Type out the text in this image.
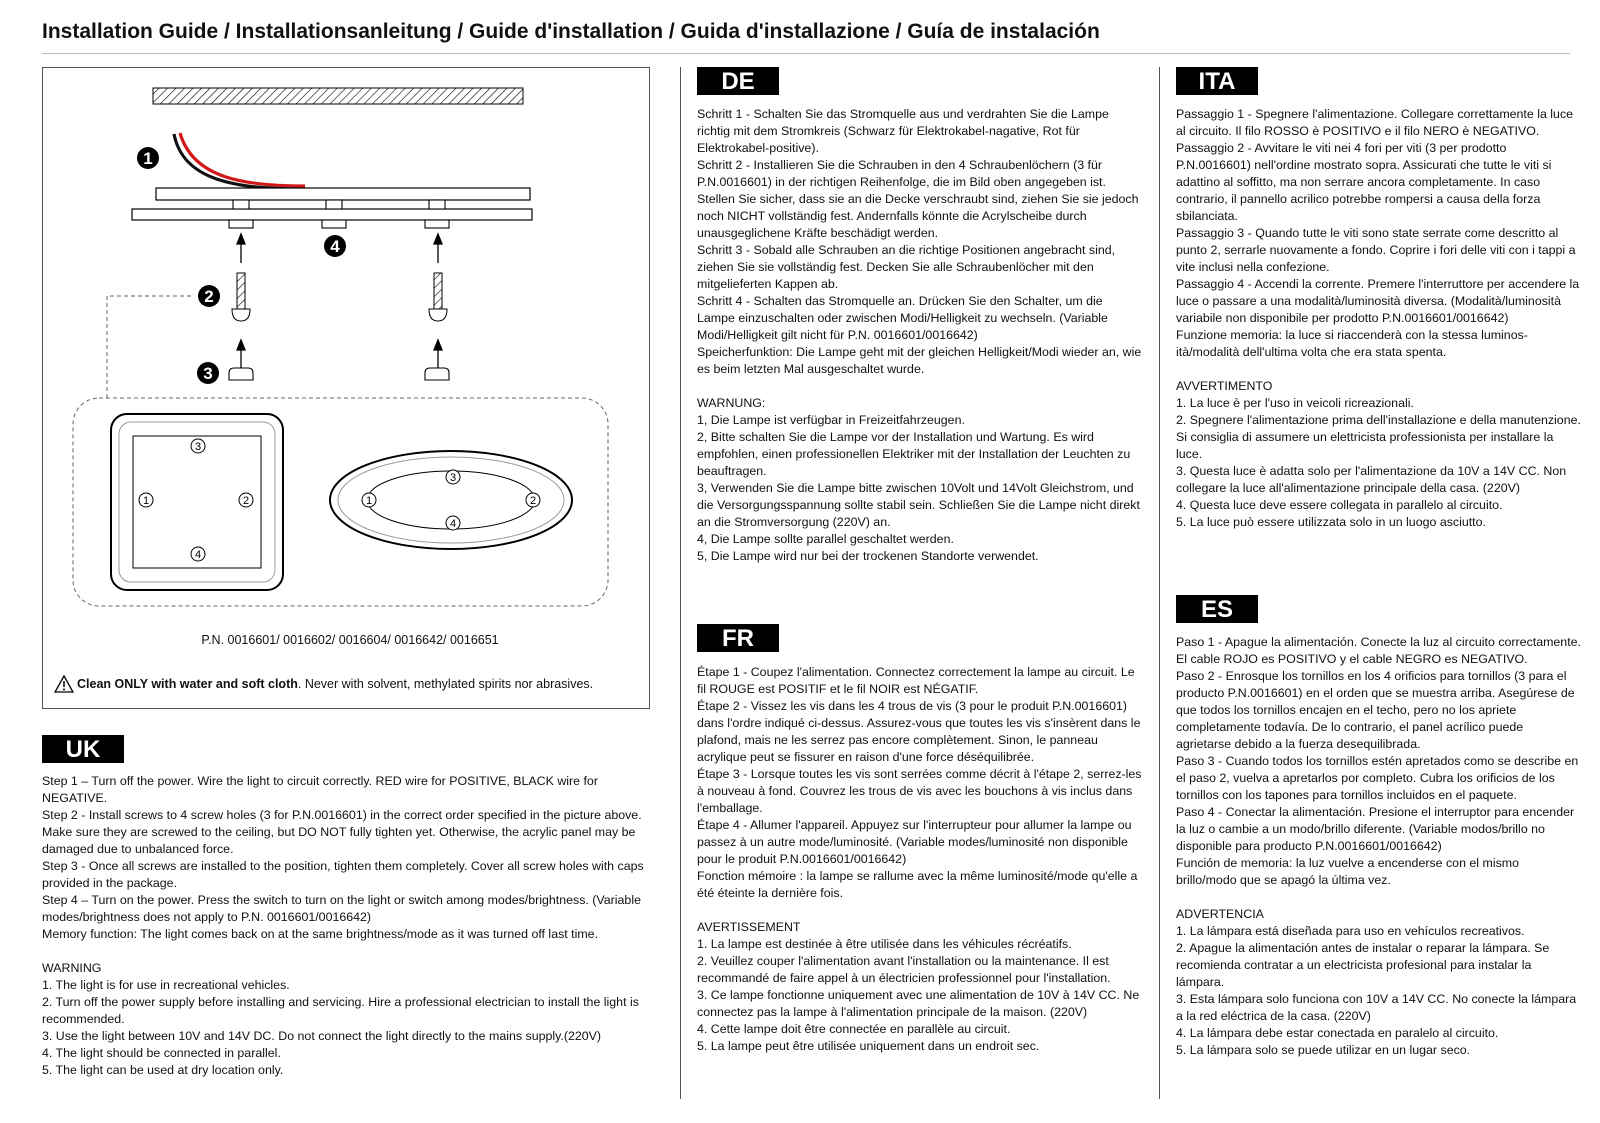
Installation Guide / Installationsanleitung / Guide d'installation / Guida d'installazione / Guía de instalación
1
2
3
4
3
1	2
4
3
1	2
4
P.N. 0016601/ 0016602/ 0016604/ 0016642/ 0016651
Clean ONLY with water and soft cloth. Never with solvent, methylated spirits nor abrasives.
UK

Step 1 – Turn off the power. Wire the light to circuit correctly. RED wire for POSITIVE, BLACK wire for NEGATIVE.

Step 2 - Install screws to 4 screw holes (3 for P.N.0016601) in the correct order specified in the picture above. Make sure they are screwed to the ceiling, but DO NOT fully tighten yet. Otherwise, the acrylic panel may be damaged due to unbalanced force.

Step 3 - Once all screws are installed to the position, tighten them completely. Cover all screw holes with caps provided in the package.

Step 4 – Turn on the power. Press the switch to turn on the light or switch among modes/brightness. (Variable modes/brightness does not apply to P.N. 0016601/0016642)

Memory function: The light comes back on at the same brightness/mode as it was turned off last time.

WARNING

1. The light is for use in recreational vehicles.

2. Turn off the power supply before installing and servicing. Hire a professional electrician to install the light is recommended.

3. Use the light between 10V and 14V DC. Do not connect the light directly to the mains supply.(220V)

4. The light should be connected in parallel.

5. The light can be used at dry location only.

DE

Schritt 1 - Schalten Sie das Stromquelle aus und verdrahten Sie die Lampe richtig mit dem Stromkreis (Schwarz für Elektrokabel-nagative, Rot für Elektrokabel-positive).

Schritt 2 - Installieren Sie die Schrauben in den 4 Schraubenlöchern (3 für P.N.0016601) in der richtigen Reihenfolge, die im Bild oben angegeben ist. Stellen Sie sicher, dass sie an die Decke verschraubt sind, ziehen Sie sie jedoch noch NICHT vollständig fest. Andernfalls könnte die Acrylscheibe durch unausgeglichene Kräfte beschädigt werden.

Schritt 3 - Sobald alle Schrauben an die richtige Positionen angebracht sind, ziehen Sie sie vollständig fest. Decken Sie alle Schraubenlöcher mit den mitgelieferten Kappen ab.

Schritt 4 - Schalten das Stromquelle an. Drücken Sie den Schalter, um die Lampe einzuschalten oder zwischen Modi/Helligkeit zu wechseln. (Variable Modi/Helligkeit gilt nicht für P.N. 0016601/0016642)

Speicherfunktion: Die Lampe geht mit der gleichen Helligkeit/Modi wieder an, wie es beim letzten Mal ausgeschaltet wurde.

WARNUNG:

1, Die Lampe ist verfügbar in Freizeitfahrzeugen.

2, Bitte schalten Sie die Lampe vor der Installation und Wartung. Es wird empfohlen, einen professionellen Elektriker mit der Installation der Leuchten zu beauftragen.

3, Verwenden Sie die Lampe bitte zwischen 10Volt und 14Volt Gleichstrom, und die Versorgungsspannung sollte stabil sein. Schließen Sie die Lampe nicht direkt an die Stromversorgung (220V) an.

4, Die Lampe sollte parallel geschaltet werden.

5, Die Lampe wird nur bei der trockenen Standorte verwendet.

FR

Étape 1 - Coupez l'alimentation. Connectez correctement la lampe au circuit. Le fil ROUGE est POSITIF et le fil NOIR est NÉGATIF.

Étape 2 - Vissez les vis dans les 4 trous de vis (3 pour le produit P.N.0016601) dans l'ordre indiqué ci-dessus. Assurez-vous que toutes les vis s'insèrent dans le plafond, mais ne les serrez pas encore complètement. Sinon, le panneau acrylique peut se fissurer en raison d'une force déséquilibrée.

Étape 3 - Lorsque toutes les vis sont serrées comme décrit à l'étape 2, serrez-les à nouveau à fond. Couvrez les trous de vis avec les bouchons à vis inclus dans l'emballage.

Étape 4 - Allumer l'appareil. Appuyez sur l'interrupteur pour allumer la lampe ou passez à un autre mode/luminosité. (Variable modes/luminosité non disponible pour le produit P.N.0016601/0016642)

Fonction mémoire : la lampe se rallume avec la même luminosité/mode qu'elle a été éteinte la dernière fois.

AVERTISSEMENT

1. La lampe est destinée à être utilisée dans les véhicules récréatifs.

2. Veuillez couper l'alimentation avant l'installation ou la maintenance. Il est recommandé de faire appel à un électricien professionnel pour l'installation.

3. Ce lampe fonctionne uniquement avec une alimentation de 10V à 14V CC. Ne connectez pas la lampe à l'alimentation principale de la maison. (220V)

4. Cette lampe doit être connectée en parallèle au circuit.

5. La lampe peut être utilisée uniquement dans un endroit sec.

ITA

Passaggio 1 - Spegnere l'alimentazione. Collegare correttamente la luce al circuito. Il filo ROSSO è POSITIVO e il filo NERO è NEGATIVO.

Passaggio 2 - Avvitare le viti nei 4 fori per viti (3 per prodotto P.N.0016601) nell'ordine mostrato sopra. Assicurati che tutte le viti si adattino al soffitto, ma non serrare ancora completamente. In caso contrario, il pannello acrilico potrebbe rompersi a causa della forza sbilanciata.

Passaggio 3 - Quando tutte le viti sono state serrate come descritto al punto 2, serrarle nuovamente a fondo. Coprire i fori delle viti con i tappi a vite inclusi nella confezione.

Passaggio 4 - Accendi la corrente. Premere l'interruttore per accendere la luce o passare a una modalità/luminosità diversa. (Modalità/luminosità variabile non disponibile per prodotto P.N.0016601/0016642)

Funzione memoria: la luce si riaccenderà con la stessa luminos-ità/modalità dell'ultima volta che era stata spenta.

AVVERTIMENTO

1. La luce è per l'uso in veicoli ricreazionali.

2. Spegnere l'alimentazione prima dell'installazione e della manutenzione. Si consiglia di assumere un elettricista professionista per installare la luce.

3. Questa luce è adatta solo per l'alimentazione da 10V a 14V CC. Non collegare la luce all'alimentazione principale della casa. (220V)

4. Questa luce deve essere collegata in parallelo al circuito.

5. La luce può essere utilizzata solo in un luogo asciutto.

ES

Paso 1 - Apague la alimentación. Conecte la luz al circuito correctamente. El cable ROJO es POSITIVO y el cable NEGRO es NEGATIVO.

Paso 2 - Enrosque los tornillos en los 4 orificios para tornillos (3 para el producto P.N.0016601) en el orden que se muestra arriba. Asegúrese de que todos los tornillos encajen en el techo, pero no los apriete completamente todavía. De lo contrario, el panel acrílico puede agrietarse debido a la fuerza desequilibrada.

Paso 3 - Cuando todos los tornillos estén apretados como se describe en el paso 2, vuelva a apretarlos por completo. Cubra los orificios de los tornillos con los tapones para tornillos incluidos en el paquete.

Paso 4 - Conectar la alimentación. Presione el interruptor para encender la luz o cambie a un modo/brillo diferente. (Variable modos/brillo no disponible para producto P.N.0016601/0016642)

Función de memoria: la luz vuelve a encenderse con el mismo brillo/modo que se apagó la última vez.

ADVERTENCIA

1. La lámpara está diseñada para uso en vehículos recreativos.

2. Apague la alimentación antes de instalar o reparar la lámpara. Se recomienda contratar a un electricista profesional para instalar la lámpara.

3. Esta lámpara solo funciona con 10V a 14V CC. No conecte la lámpara a la red eléctrica de la casa. (220V)

4. La lámpara debe estar conectada en paralelo al circuito.

5. La lámpara solo se puede utilizar en un lugar seco.
